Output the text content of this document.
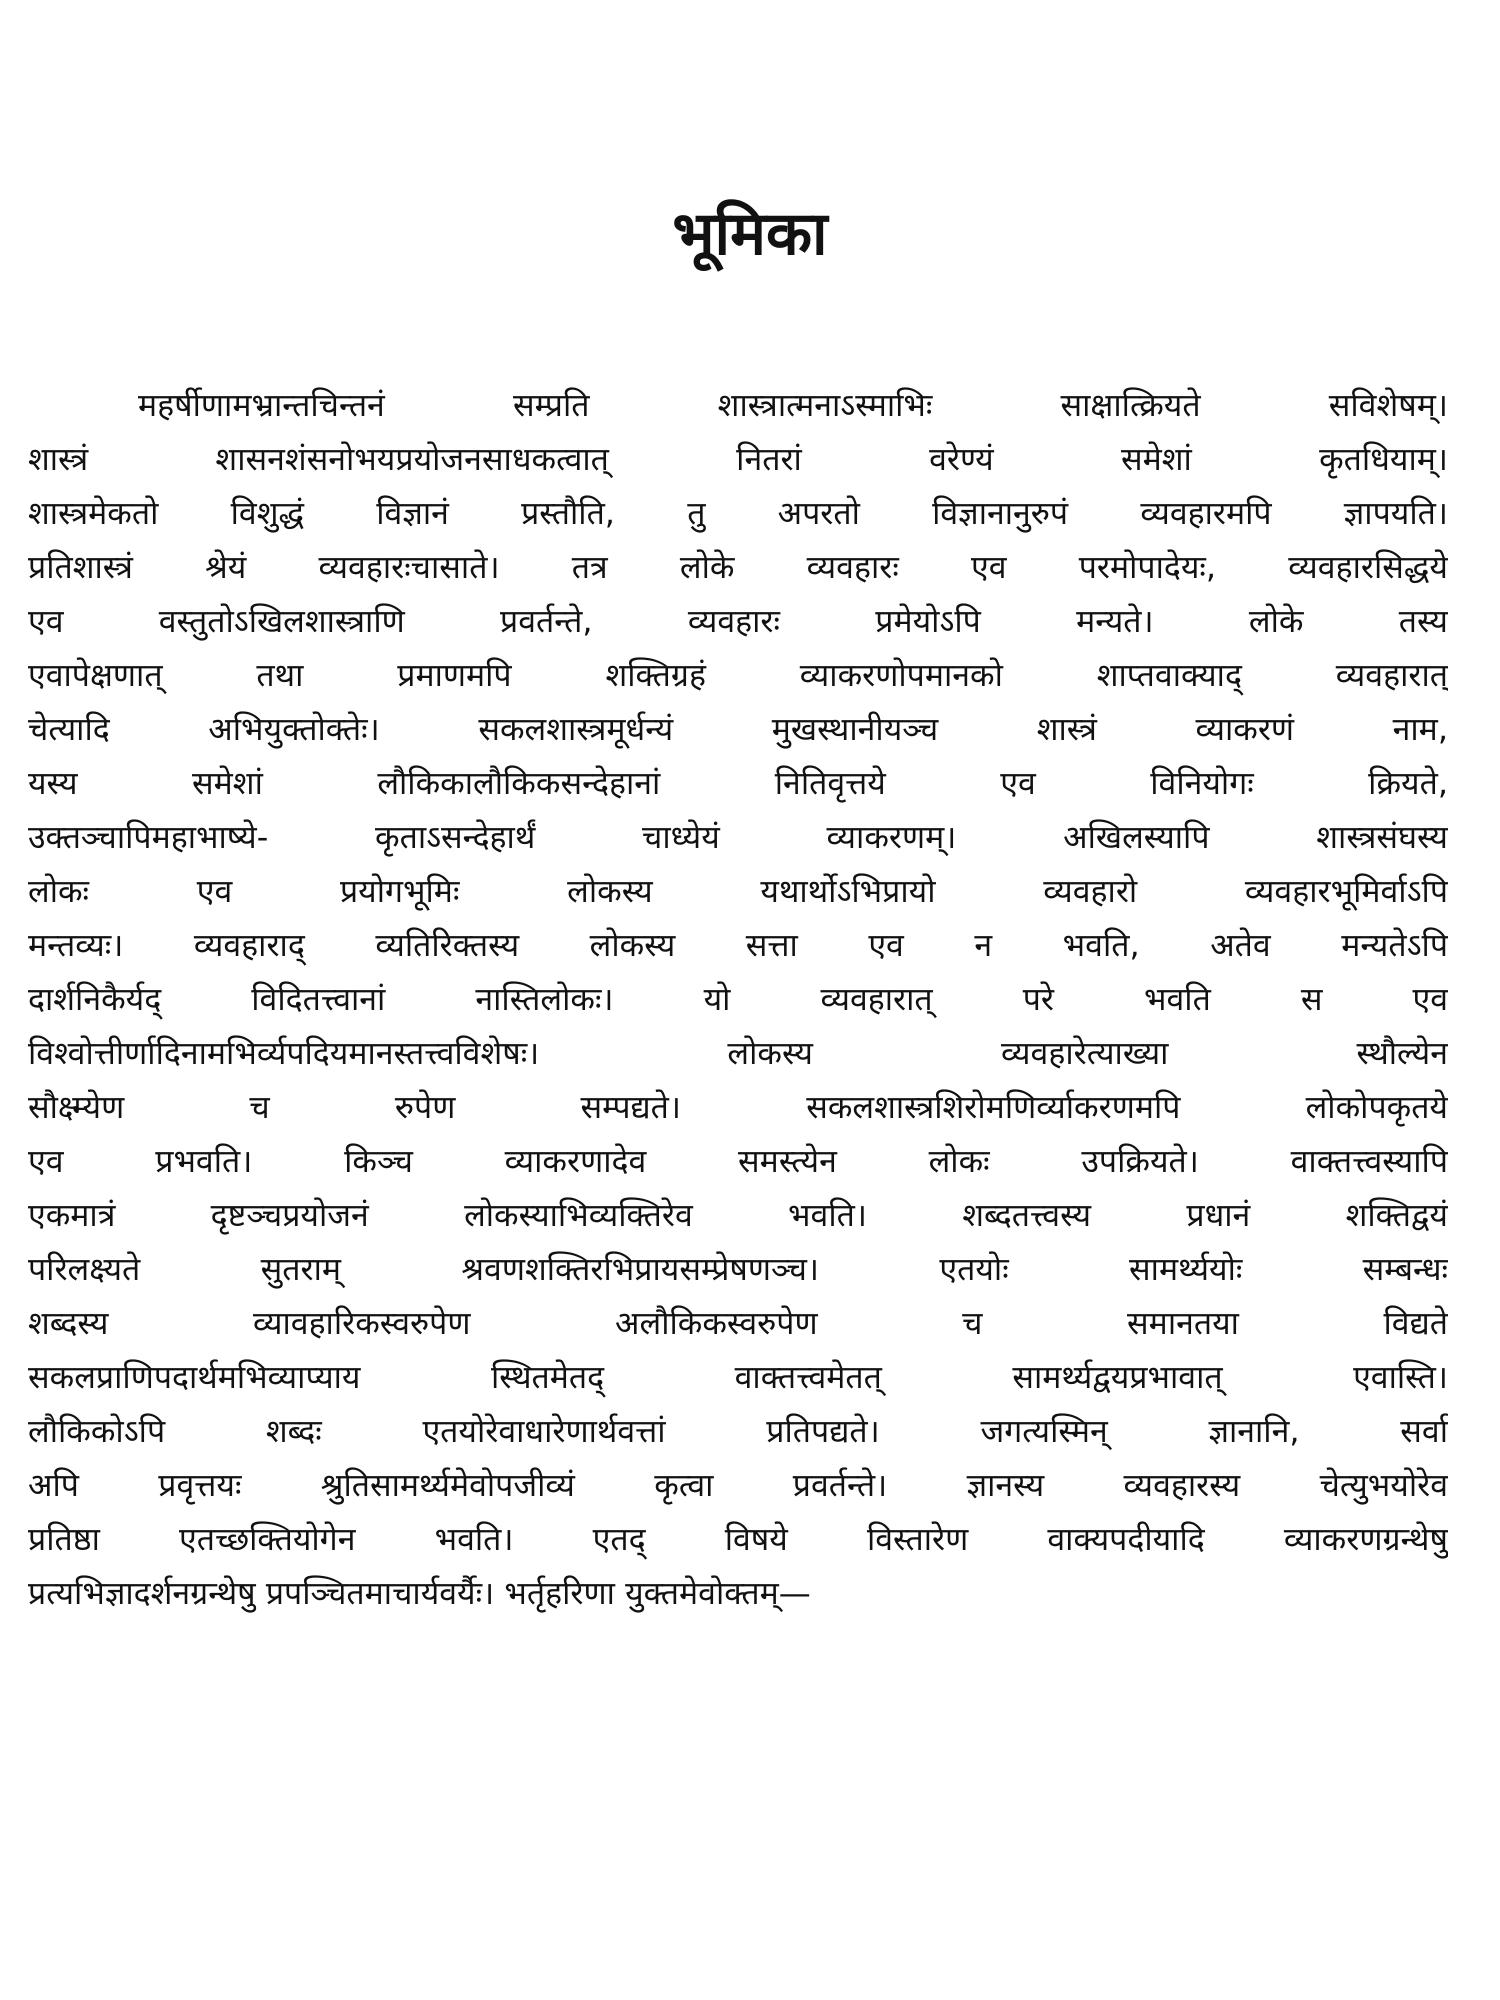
भूमिका
महर्षीणामभ्रान्तचिन्तनं सम्प्रति शास्त्रात्मनाऽस्माभिः साक्षात्क्रियते सविशेषम्।
शास्त्रं शासनशंसनोभयप्रयोजनसाधकत्वात् नितरां वरेण्यं समेशां कृतधियाम्।
शास्त्रमेकतो विशुद्धं विज्ञानं प्रस्तौति, तु अपरतो विज्ञानानुरुपं व्यवहारमपि ज्ञापयति।
प्रतिशास्त्रं श्रेयं व्यवहारःचासाते। तत्र लोके व्यवहारः एव परमोपादेयः, व्यवहारसिद्धये
एव वस्तुतोऽखिलशास्त्राणि प्रवर्तन्ते, व्यवहारः प्रमेयोऽपि मन्यते। लोके तस्य
एवापेक्षणात् तथा प्रमाणमपि शक्तिग्रहं व्याकरणोपमानको शाप्तवाक्याद् व्यवहारात्
चेत्यादि अभियुक्तोक्तेः। सकलशास्त्रमूर्धन्यं मुखस्थानीयञ्च शास्त्रं व्याकरणं नाम,
यस्य समेशां लौकिकालौकिकसन्देहानां नितिवृत्तये एव विनियोगः क्रियते,
उक्तञ्चापिमहाभाष्ये- कृताऽसन्देहार्थं चाध्येयं व्याकरणम्। अखिलस्यापि शास्त्रसंघस्य
लोकः एव प्रयोगभूमिः लोकस्य यथार्थोऽभिप्रायो व्यवहारो व्यवहारभूमिर्वाऽपि
मन्तव्यः। व्यवहाराद् व्यतिरिक्तस्य लोकस्य सत्ता एव न भवति, अतेव मन्यतेऽपि
दार्शनिकैर्यद् विदितत्त्वानां नास्तिलोकः। यो व्यवहारात् परे भवति स एव
विश्वोत्तीर्णादिनामभिर्व्यपदियमानस्तत्त्वविशेषः। लोकस्य व्यवहारेत्याख्या स्थौल्येन
सौक्ष्म्येण च रुपेण सम्पद्यते। सकलशास्त्रशिरोमणिर्व्याकरणमपि लोकोपकृतये
एव प्रभवति। किञ्च व्याकरणादेव समस्त्येन लोकः उपक्रियते। वाक्तत्त्वस्यापि
एकमात्रं दृष्टञ्चप्रयोजनं लोकस्याभिव्यक्तिरेव भवति। शब्दतत्त्वस्य प्रधानं शक्तिद्वयं
परिलक्ष्यते सुतराम् श्रवणशक्तिरभिप्रायसम्प्रेषणञ्च। एतयोः सामर्थ्ययोः सम्बन्धः
शब्दस्य व्यावहारिकस्वरुपेण अलौकिकस्वरुपेण च समानतया विद्यते
सकलप्राणिपदार्थमभिव्याप्याय स्थितमेतद् वाक्तत्त्वमेतत् सामर्थ्यद्वयप्रभावात् एवास्ति।
लौकिकोऽपि शब्दः एतयोरेवाधारेणार्थवत्तां प्रतिपद्यते। जगत्यस्मिन् ज्ञानानि, सर्वा
अपि प्रवृत्तयः श्रुतिसामर्थ्यमेवोपजीव्यं कृत्वा प्रवर्तन्ते। ज्ञानस्य व्यवहारस्य चेत्युभयोरेव
प्रतिष्ठा एतच्छक्तियोगेन भवति। एतद् विषये विस्तारेण वाक्यपदीयादि व्याकरणग्रन्थेषु
प्रत्यभिज्ञादर्शनग्रन्थेषु प्रपञ्चितमाचार्यवर्यैः। भर्तृहरिणा युक्तमेवोक्तम्—
